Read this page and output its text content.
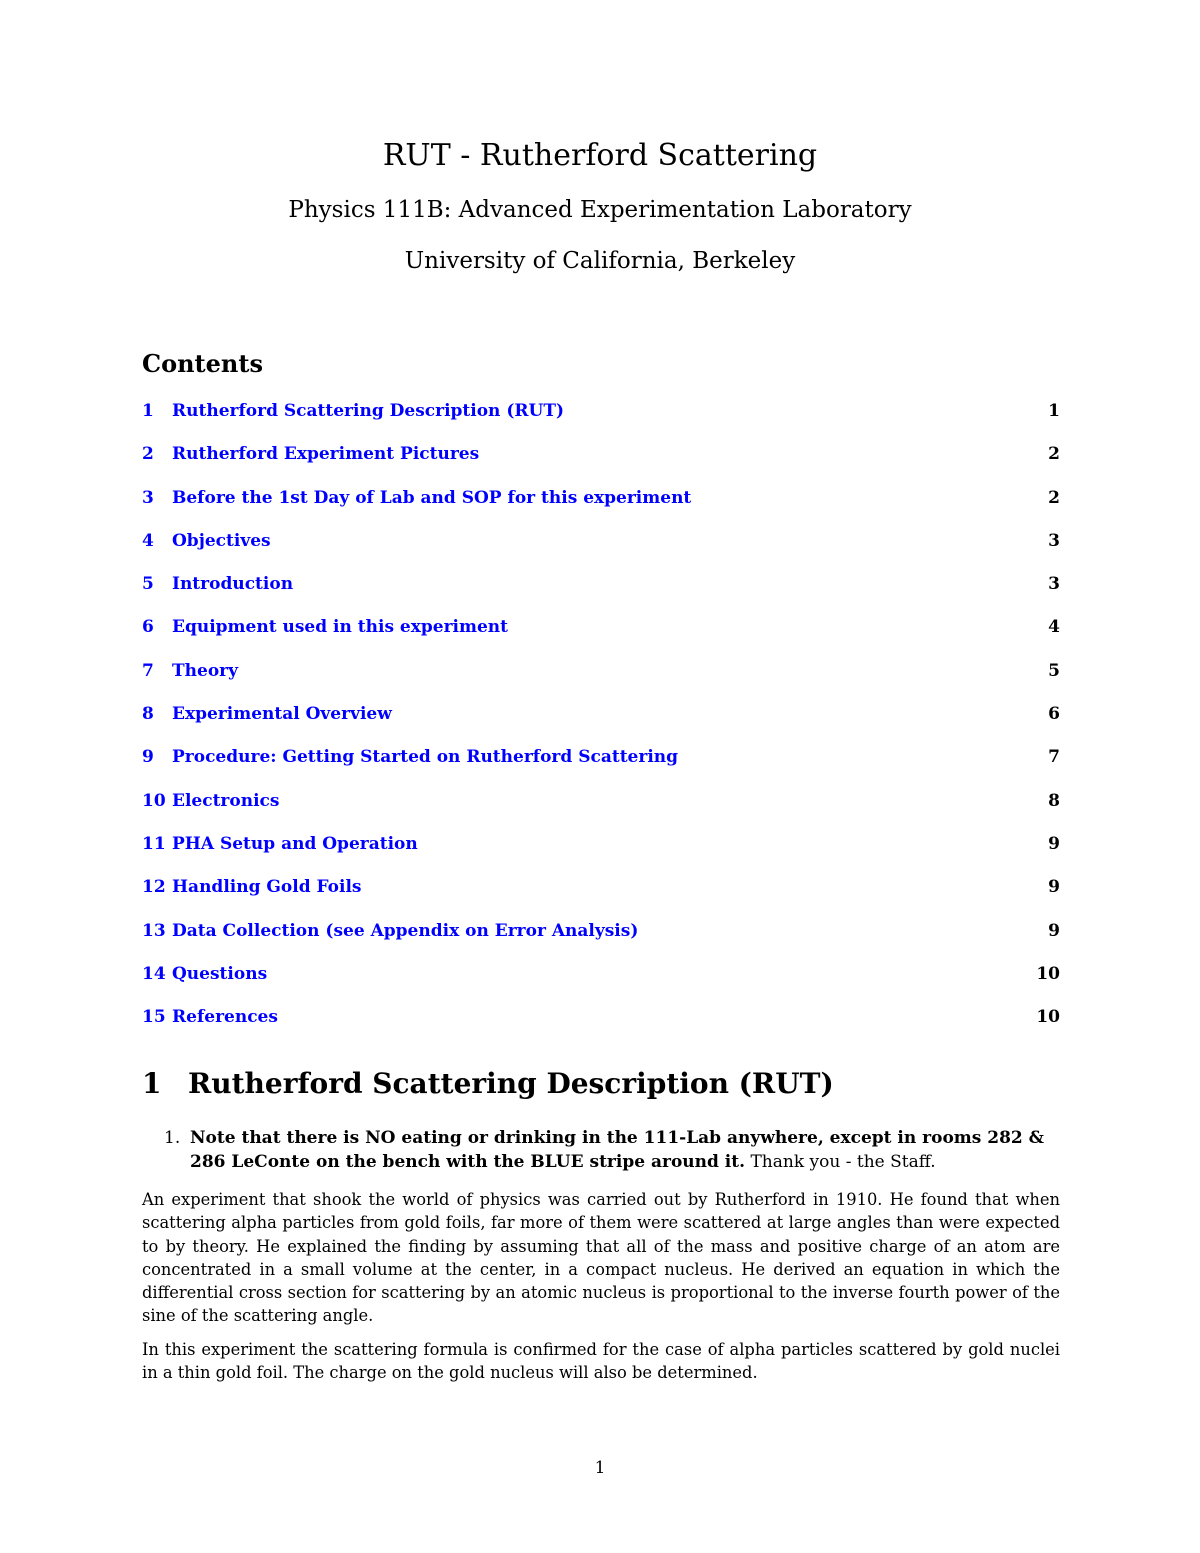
RUT - Rutherford Scattering
Physics 111B: Advanced Experimentation Laboratory
University of California, Berkeley
Contents
1 Rutherford Scattering Description (RUT)	1
2 Rutherford Experiment Pictures	2
3 Before the 1st Day of Lab and SOP for this experiment	2
4 Objectives	3
5 Introduction	3
6 Equipment used in this experiment	4
7 Theory	5
8 Experimental Overview	6
9 Procedure: Getting Started on Rutherford Scattering	7
10 Electronics	8
11 PHA Setup and Operation	9
12 Handling Gold Foils	9
13 Data Collection (see Appendix on Error Analysis)	9
14 Questions	10
15 References	10
1 Rutherford Scattering Description (RUT)
1. Note that there is NO eating or drinking in the 111-Lab anywhere, except in rooms 282 & 286 LeConte on the bench with the BLUE stripe around it. Thank you - the Staff.

An experiment that shook the world of physics was carried out by Rutherford in 1910. He found that when scattering alpha particles from gold foils, far more of them were scattered at large angles than were expected to by theory. He explained the finding by assuming that all of the mass and positive charge of an atom are concentrated in a small volume at the center, in a compact nucleus. He derived an equation in which the differential cross section for scattering by an atomic nucleus is proportional to the inverse fourth power of the sine of the scattering angle.

In this experiment the scattering formula is confirmed for the case of alpha particles scattered by gold nuclei in a thin gold foil. The charge on the gold nucleus will also be determined.

1
